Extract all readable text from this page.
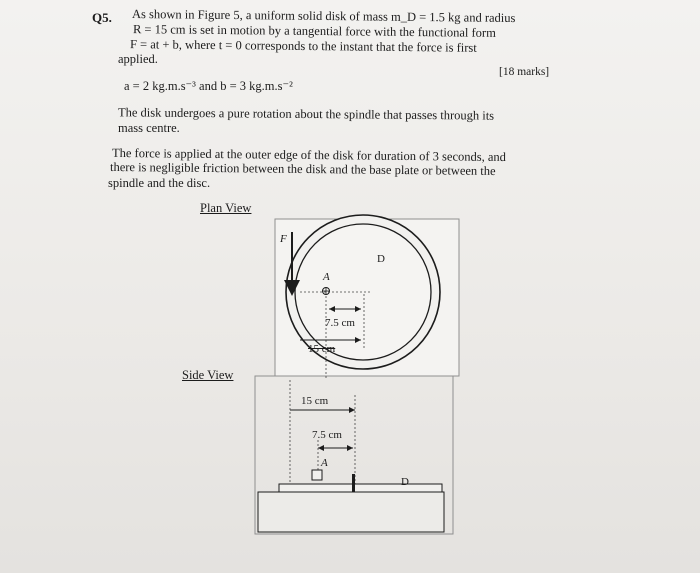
Q5. As shown in Figure 5, a uniform solid disk of mass m_D = 1.5 kg and radius
R = 15 cm is set in motion by a tangential force with the functional form
F = at + b, where t = 0 corresponds to the instant that the force is first
applied.
[18 marks]
a = 2 kg.m.s⁻³ and b = 3 kg.m.s⁻²
The disk undergoes a pure rotation about the spindle that passes through its
mass centre.
The force is applied at the outer edge of the disk for duration of 3 seconds, and
there is negligible friction between the disk and the base plate or between the
spindle and the disc.
Plan View
Side View
F
D
A
7.5 cm
15 cm
15 cm
7.5 cm
A
D
